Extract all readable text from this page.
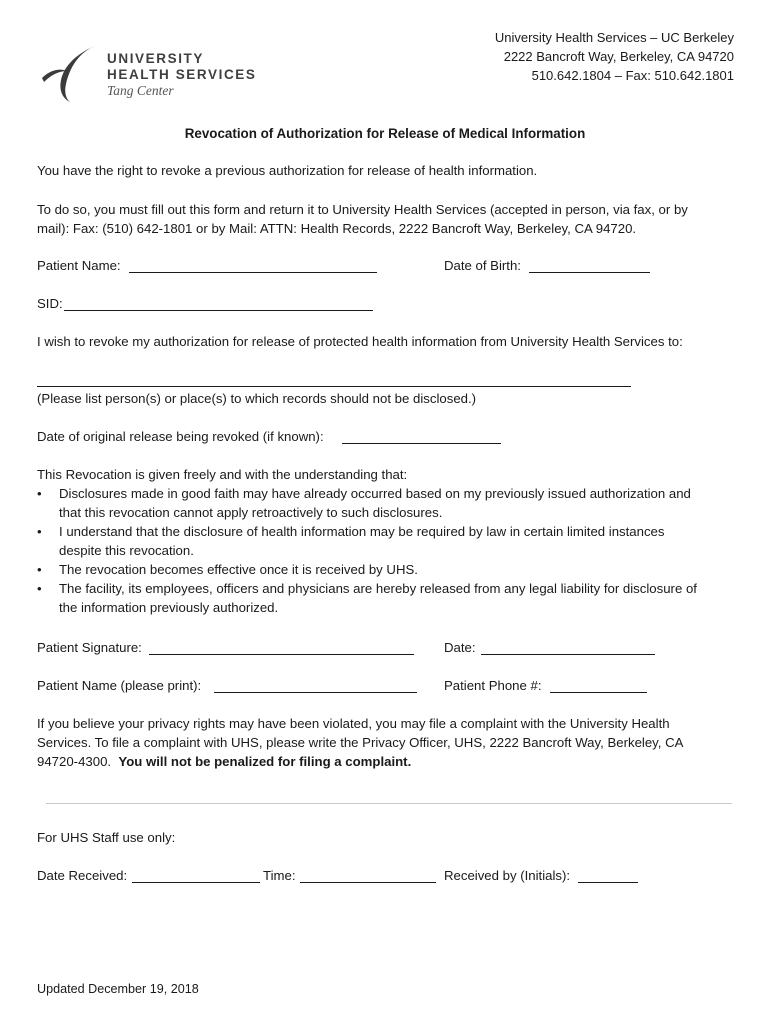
UNIVERSITY
HEALTH SERVICES
Tang Center
University Health Services – UC Berkeley
2222 Bancroft Way, Berkeley, CA 94720
510.642.1804 – Fax: 510.642.1801
Revocation of Authorization for Release of Medical Information
You have the right to revoke a previous authorization for release of health information.
To do so, you must fill out this form and return it to University Health Services (accepted in person, via fax, or by
mail): Fax: (510) 642-1801 or by Mail: ATTN: Health Records, 2222 Bancroft Way, Berkeley, CA 94720.
Patient Name:	Date of Birth:
SID:
I wish to revoke my authorization for release of protected health information from University Health Services to:
(Please list person(s) or place(s) to which records should not be disclosed.)
Date of original release being revoked (if known):
This Revocation is given freely and with the understanding that:
•	Disclosures made in good faith may have already occurred based on my previously issued authorization and
that this revocation cannot apply retroactively to such disclosures.
•	I understand that the disclosure of health information may be required by law in certain limited instances
despite this revocation.
•	The revocation becomes effective once it is received by UHS.
•	The facility, its employees, officers and physicians are hereby released from any legal liability for disclosure of
the information previously authorized.
Patient Signature:	Date:
Patient Name (please print):	Patient Phone #:
If you believe your privacy rights may have been violated, you may file a complaint with the University Health
Services. To file a complaint with UHS, please write the Privacy Officer, UHS, 2222 Bancroft Way, Berkeley, CA
94720-4300. You will not be penalized for filing a complaint.
For UHS Staff use only:
Date Received:	Time:	Received by (Initials):
Updated December 19, 2018
